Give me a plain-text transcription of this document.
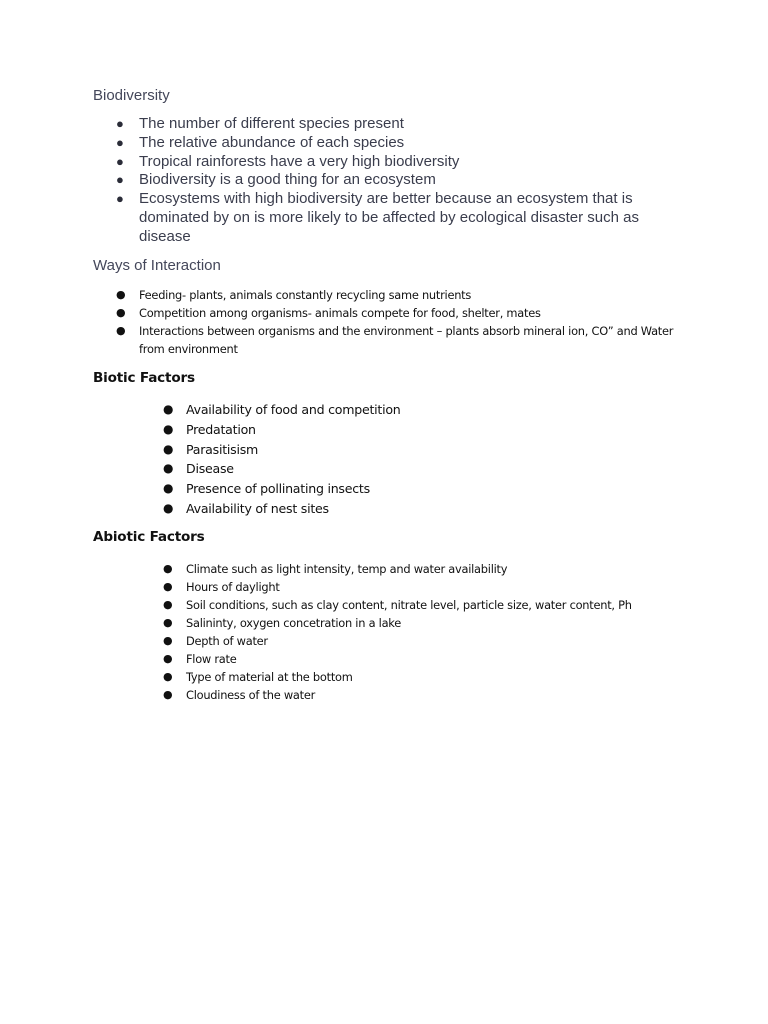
Biodiversity
● The number of different species present
● The relative abundance of each species
● Tropical rainforests have a very high biodiversity
● Biodiversity is a good thing for an ecosystem
● Ecosystems with high biodiversity are better because an ecosystem that is dominated by on is more likely to be affected by ecological disaster such as disease
Ways of Interaction
● Feeding- plants, animals constantly recycling same nutrients
● Competition among organisms- animals compete for food, shelter, mates
● Interactions between organisms and the environment – plants absorb mineral ion, CO” and Water from environment
Biotic Factors
● Availability of food and competition
● Predatation
● Parasitisism
● Disease
● Presence of pollinating insects
● Availability of nest sites
Abiotic Factors
● Climate such as light intensity, temp and water availability
● Hours of daylight
● Soil conditions, such as clay content, nitrate level, particle size, water content, Ph
● Salininty, oxygen concetration in a lake
● Depth of water
● Flow rate
● Type of material at the bottom
● Cloudiness of the water
